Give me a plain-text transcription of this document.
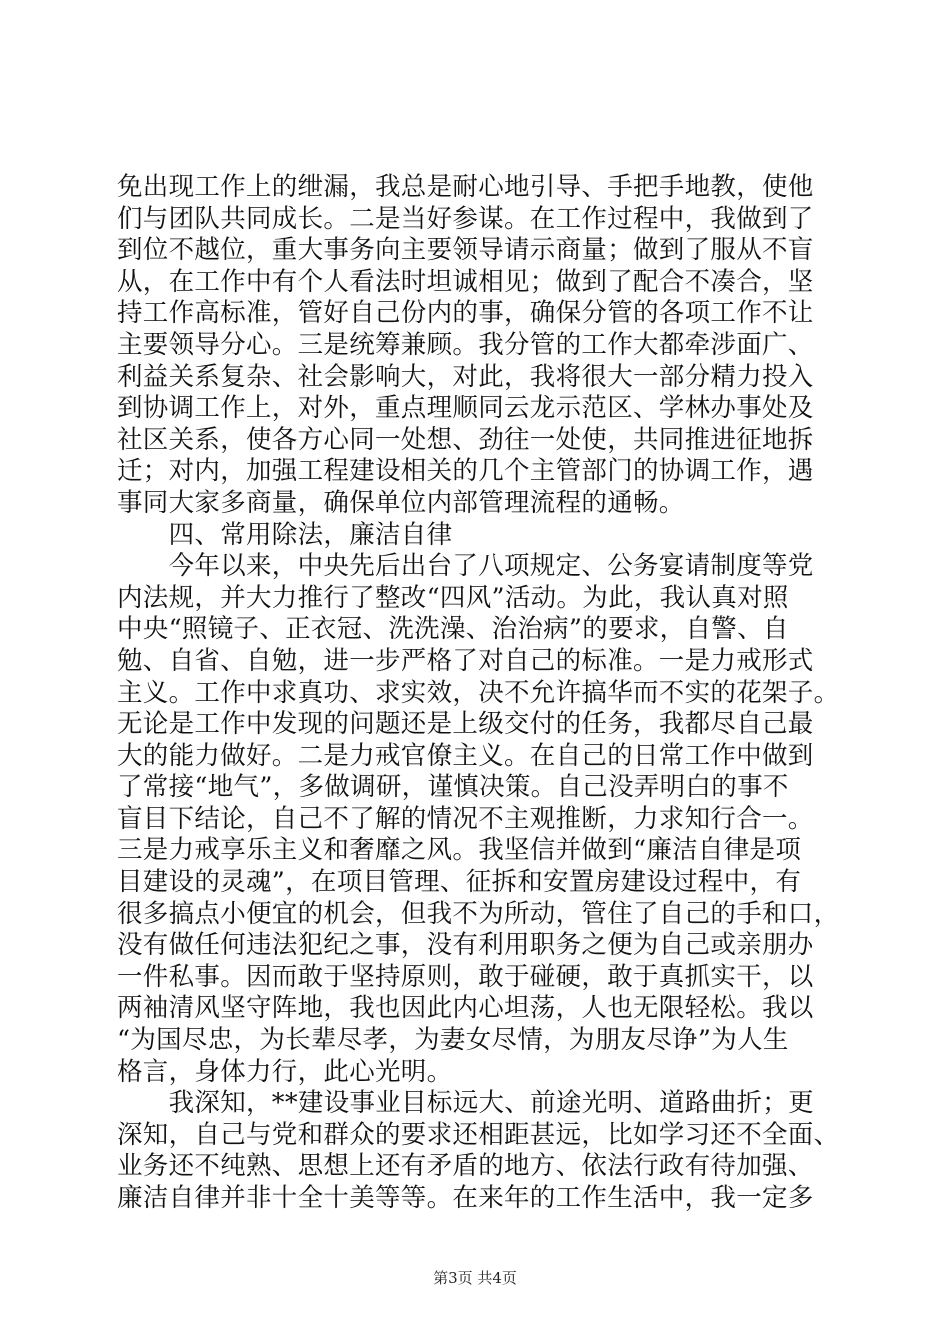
免出现工作上的绁漏，我总是耐心地引导、手把手地教，使他
们与团队共同成长。二是当好参谋。在工作过程中，我做到了
到位不越位，重大事务向主要领导请示商量；做到了服从不盲
从，在工作中有个人看法时坦诚相见；做到了配合不凑合，坚
持工作高标准，管好自己份内的事，确保分管的各项工作不让
主要领导分心。三是统筹兼顾。我分管的工作大都牵涉面广、
利益关系复杂、社会影响大，对此，我将很大一部分精力投入
到协调工作上，对外，重点理顺同云龙示范区、学林办事处及
社区关系，使各方心同一处想、劲往一处使，共同推进征地拆
迁；对内，加强工程建设相关的几个主管部门的协调工作，遇
事同大家多商量，确保单位内部管理流程的通畅。
　　四、常用除法，廉洁自律
　　今年以来，中央先后出台了八项规定、公务宴请制度等党
内法规，并大力推行了整改“四风”活动。为此，我认真对照
中央“照镜子、正衣冠、洗洗澡、治治病”的要求，自警、自
勉、自省、自勉，进一步严格了对自己的标准。一是力戒形式
主义。工作中求真功、求实效，决不允许搞华而不实的花架子。
无论是工作中发现的问题还是上级交付的任务，我都尽自己最
大的能力做好。二是力戒官僚主义。在自己的日常工作中做到
了常接“地气”，多做调研，谨慎决策。自己没弄明白的事不
盲目下结论，自己不了解的情况不主观推断，力求知行合一。
三是力戒享乐主义和奢靡之风。我坚信并做到“廉洁自律是项
目建设的灵魂”，在项目管理、征拆和安置房建设过程中，有
很多搞点小便宜的机会，但我不为所动，管住了自己的手和口，
没有做任何违法犯纪之事，没有利用职务之便为自己或亲朋办
一件私事。因而敢于坚持原则，敢于碰硬，敢于真抓实干，以
两袖清风坚守阵地，我也因此内心坦荡，人也无限轻松。我以
“为国尽忠，为长辈尽孝，为妻女尽情，为朋友尽诤”为人生
格言，身体力行，此心光明。
　　我深知，**建设事业目标远大、前途光明、道路曲折；更
深知，自己与党和群众的要求还相距甚远，比如学习还不全面、
业务还不纯熟、思想上还有矛盾的地方、依法行政有待加强、
廉洁自律并非十全十美等等。在来年的工作生活中，我一定多
第3页 共4页
